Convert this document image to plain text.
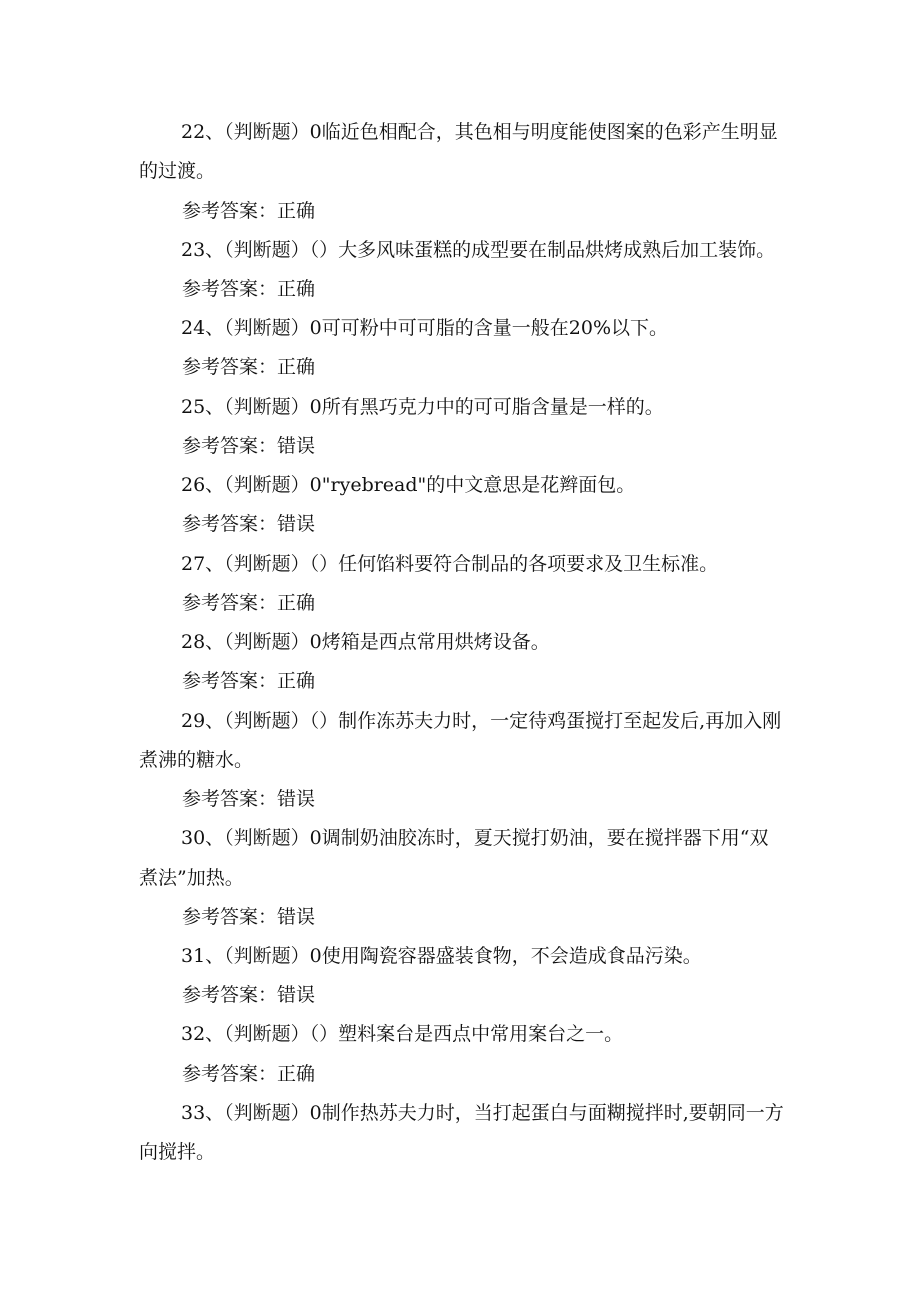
22、（判断题）0临近色相配合，其色相与明度能使图案的色彩产生明显
的过渡。
参考答案：正确
23、（判断题）（）大多风味蛋糕的成型要在制品烘烤成熟后加工装饰。
参考答案：正确
24、（判断题）0可可粉中可可脂的含量一般在20%以下。
参考答案：正确
25、（判断题）0所有黑巧克力中的可可脂含量是一样的。
参考答案：错误
26、（判断题）0"ryebread"的中文意思是花辫面包。
参考答案：错误
27、（判断题）（）任何馅料要符合制品的各项要求及卫生标准。
参考答案：正确
28、（判断题）0烤箱是西点常用烘烤设备。
参考答案：正确
29、（判断题）（）制作冻苏夫力时，一定待鸡蛋搅打至起发后,再加入刚
煮沸的糖水。
参考答案：错误
30、（判断题）0调制奶油胶冻时，夏天搅打奶油，要在搅拌器下用“双
煮法”加热。
参考答案：错误
31、（判断题）0使用陶瓷容器盛装食物，不会造成食品污染。
参考答案：错误
32、（判断题）（）塑料案台是西点中常用案台之一。
参考答案：正确
33、（判断题）0制作热苏夫力时，当打起蛋白与面糊搅拌时,要朝同一方
向搅拌。
